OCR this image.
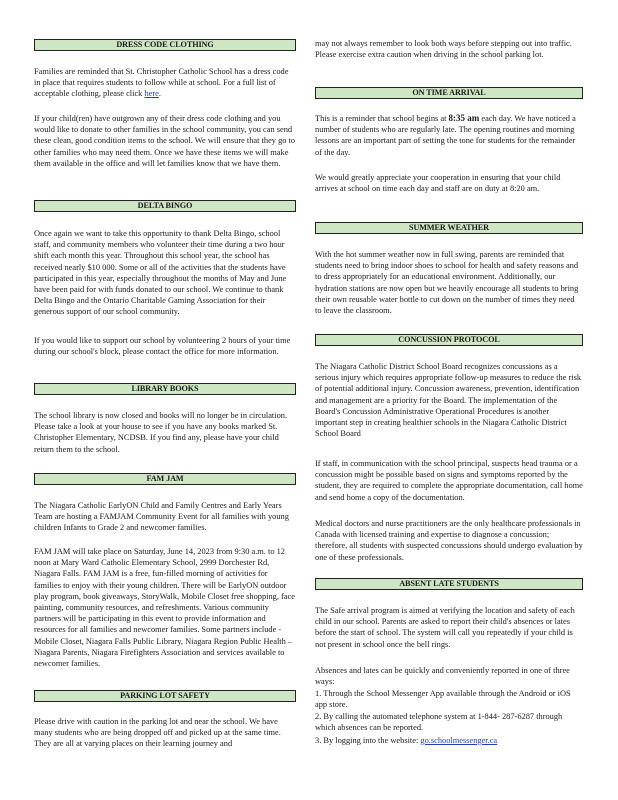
DRESS CODE CLOTHING

Families are reminded that St. Christopher Catholic School has a dress code in place that requires students to follow while at school. For a full list of acceptable clothing, please click here.

If your child(ren) have outgrown any of their dress code clothing and you would like to donate to other families in the school community, you can send these clean, good condition items to the school. We will ensure that they go to other families who may need them. Once we have these items we will make them available in the office and will let families know that we have them.

DELTA BINGO

Once again we want to take this opportunity to thank Delta Bingo, school staff, and community members who volunteer their time during a two hour shift each month this year. Throughout this school year, the school has received nearly $10 000. Some or all of the activities that the students have participated in this year, especially throughout the months of May and June have been paid for with funds donated to our school. We continue to thank Delta Bingo and the Ontario Charitable Gaming Association for their generous support of our school community.

If you would like to support our school by volunteering 2 hours of your time during our school's block, please contact the office for more information.

LIBRARY BOOKS

The school library is now closed and books will no longer be in circulation. Please take a look at your house to see if you have any books marked St. Christopher Elementary, NCDSB. If you find any, please have your child return them to the school.

FAM JAM

The Niagara Catholic EarlyON Child and Family Centres and Early Years Team are hosting a FAMJAM Community Event for all families with young children Infants to Grade 2 and newcomer families.

FAM JAM will take place on Saturday, June 14, 2023 from 9:30 a.m. to 12 noon at Mary Ward Catholic Elementary School, 2999 Dorchester Rd, Niagara Falls. FAM JAM is a free, fun-filled morning of activities for families to enjoy with their young children. There will be EarlyON outdoor play program, book giveaways, StoryWalk, Mobile Closet free shopping, face painting, community resources, and refreshments. Various community partners will be participating in this event to provide information and resources for all families and newcomer families. Some partners include - Mobile Closet, Niagara Falls Public Library, Niagara Region Public Health – Niagara Parents, Niagara Firefighters Association and services available to newcomer families.

PARKING LOT SAFETY

Please drive with caution in the parking lot and near the school. We have many students who are being dropped off and picked up at the same time. They are all at varying places on their learning journey and

may not always remember to look both ways before stepping out into traffic. Please exercise extra caution when driving in the school parking lot.

ON TIME ARRIVAL

This is a reminder that school begins at 8:35 am each day. We have noticed a number of students who are regularly late. The opening routines and morning lessons are an important part of setting the tone for students for the remainder of the day.

We would greatly appreciate your cooperation in ensuring that your child arrives at school on time each day and staff are on duty at 8:20 am.

SUMMER WEATHER

With the hot summer weather now in full swing, parents are reminded that students need to bring indoor shoes to school for health and safety reasons and to dress appropriately for an educational environment. Additionally, our hydration stations are now open but we heavily encourage all students to bring their own reusable water bottle to cut down on the number of times they need to leave the classroom.

CONCUSSION PROTOCOL

The Niagara Catholic District School Board recognizes concussions as a serious injury which requires appropriate follow-up measures to reduce the risk of potential additional injury. Concussion awareness, prevention, identification and management are a priority for the Board. The implementation of the Board's Concussion Administrative Operational Procedures is another important step in creating healthier schools in the Niagara Catholic District School Board

If staff, in communication with the school principal, suspects head trauma or a concussion might be possible based on signs and symptoms reported by the student, they are required to complete the appropriate documentation, call home and send home a copy of the documentation.

Medical doctors and nurse practitioners are the only healthcare professionals in Canada with licensed training and expertise to diagnose a concussion; therefore, all students with suspected concussions should undergo evaluation by one of these professionals.

ABSENT LATE STUDENTS

The Safe arrival program is aimed at verifying the location and safety of each child in our school. Parents are asked to report their child's absences or lates before the start of school. The system will call you repeatedly if your child is not present in school once the bell rings.

Absences and lates can be quickly and conveniently reported in one of three ways:

1. Through the School Messenger App available through the Android or iOS app store.

2. By calling the automated telephone system at 1-844- 287-6287 through which absences can be reported.

3. By logging into the website: go.schoolmessenger.ca
